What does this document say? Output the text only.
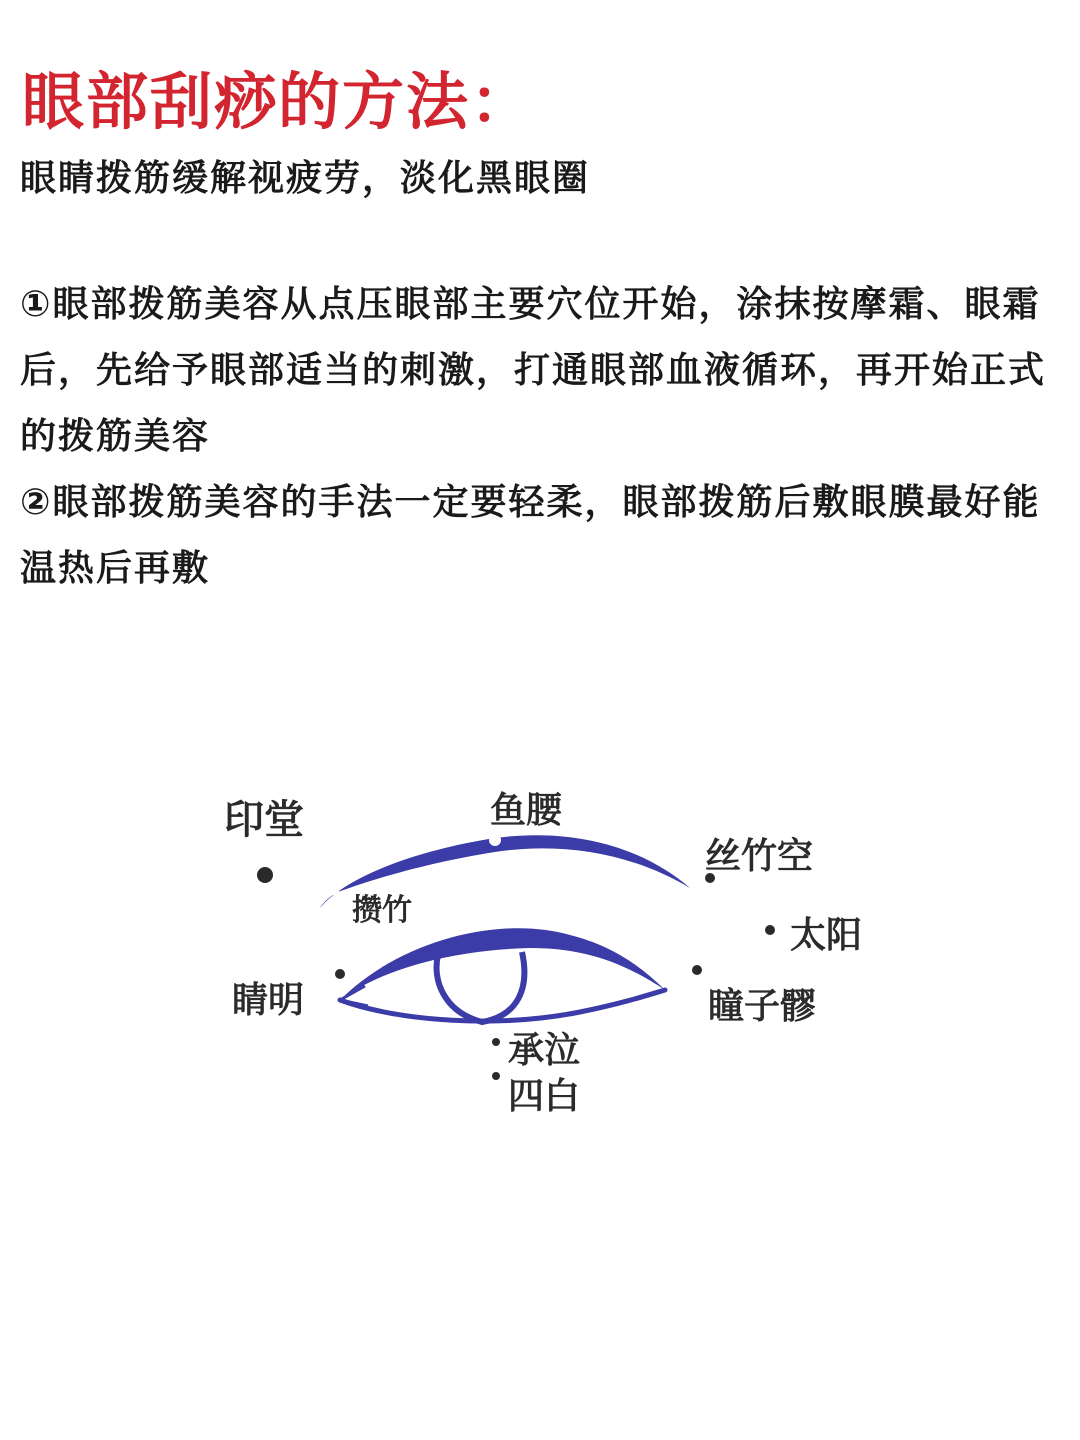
眼部刮痧的方法：
眼睛拨筋缓解视疲劳，淡化黑眼圈

①眼部拨筋美容从点压眼部主要穴位开始，涂抹按摩霜、眼霜后，先给予眼部适当的刺激，打通眼部血液循环，再开始正式的拨筋美容

②眼部拨筋美容的手法一定要轻柔，眼部拨筋后敷眼膜最好能温热后再敷

印堂	鱼腰
丝竹空
攒竹
太阳
睛明	瞳子髎
承泣
四白
